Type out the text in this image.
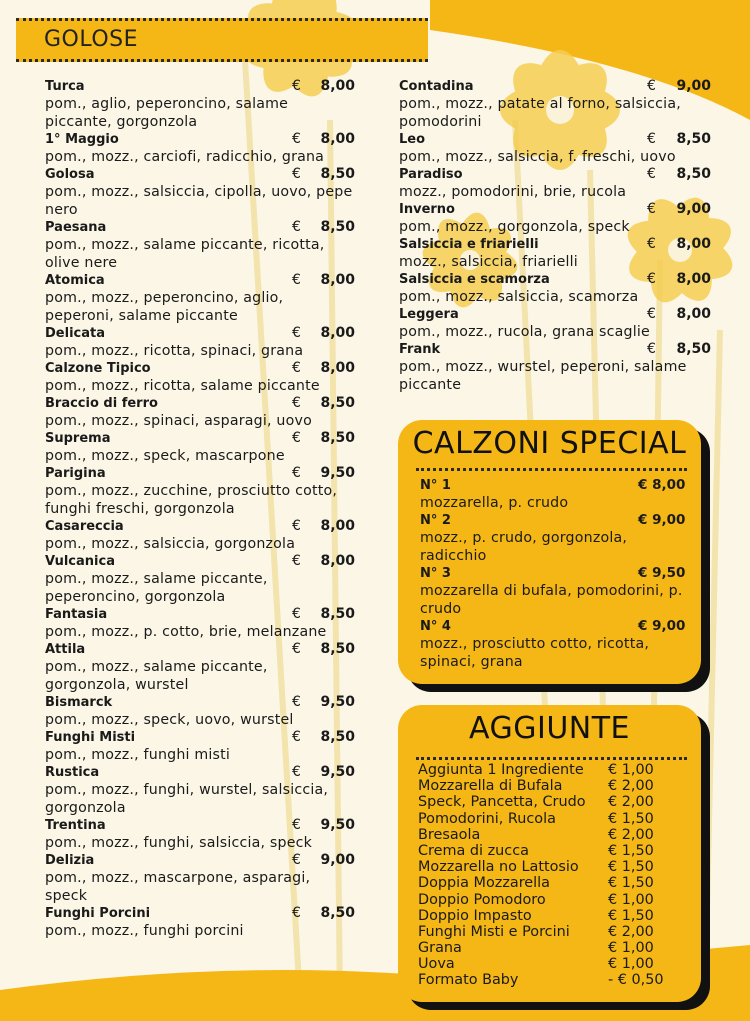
GOLOSE
Turca	€ 8,00
pom., aglio, peperoncino, salame piccante, gorgonzola
1° Maggio	€ 8,00
pom., mozz., carciofi, radicchio, grana
Golosa	€ 8,50
pom., mozz., salsiccia, cipolla, uovo, pepe nero
Paesana	€ 8,50
pom., mozz., salame piccante, ricotta, olive nere
Atomica	€ 8,00
pom., mozz., peperoncino, aglio, peperoni, salame piccante
Delicata	€ 8,00
pom., mozz., ricotta, spinaci, grana
Calzone Tipico	€ 8,00
pom., mozz., ricotta, salame piccante
Braccio di ferro	€ 8,50
pom., mozz., spinaci, asparagi, uovo
Suprema	€ 8,50
pom., mozz., speck, mascarpone
Parigina	€ 9,50
pom., mozz., zucchine, prosciutto cotto, funghi freschi, gorgonzola
Casareccia	€ 8,00
pom., mozz., salsiccia, gorgonzola
Vulcanica	€ 8,00
pom., mozz., salame piccante, peperoncino, gorgonzola
Fantasia	€ 8,50
pom., mozz., p. cotto, brie, melanzane
Attila	€ 8,50
pom., mozz., salame piccante, gorgonzola, wurstel
Bismarck	€ 9,50
pom., mozz., speck, uovo, wurstel
Funghi Misti	€ 8,50
pom., mozz., funghi misti
Rustica	€ 9,50
pom., mozz., funghi, wurstel, salsiccia, gorgonzola
Trentina	€ 9,50
pom., mozz., funghi, salsiccia, speck
Delizia	€ 9,00
pom., mozz., mascarpone, asparagi, speck
Funghi Porcini	€ 8,50
pom., mozz., funghi porcini
Contadina	€ 9,00
pom., mozz., patate al forno, salsiccia, pomodorini
Leo	€ 8,50
pom., mozz., salsiccia, f. freschi, uovo
Paradiso	€ 8,50
mozz., pomodorini, brie, rucola
Inverno	€ 9,00
pom., mozz., gorgonzola, speck
Salsiccia e friarielli	€ 8,00
mozz., salsiccia, friarielli
Salsiccia e scamorza	€ 8,00
pom., mozz., salsiccia, scamorza
Leggera	€ 8,00
pom., mozz., rucola, grana scaglie
Frank	€ 8,50
pom., mozz., wurstel, peperoni, salame piccante
CALZONI SPECIAL
N° 1	€ 8,00
mozzarella, p. crudo
N° 2	€ 9,00
mozz., p. crudo, gorgonzola, radicchio
N° 3	€ 9,50
mozzarella di bufala, pomodorini, p. crudo
N° 4	€ 9,00
mozz., prosciutto cotto, ricotta, spinaci, grana
AGGIUNTE
Aggiunta 1 Ingrediente € 1,00
Mozzarella di Bufala	€ 2,00
Speck, Pancetta, Crudo € 2,00
Pomodorini, Rucola	€ 1,50
Bresaola	€ 2,00
Crema di zucca	€ 1,50
Mozzarella no Lattosio € 1,50
Doppia Mozzarella	€ 1,50
Doppio Pomodoro	€ 1,00
Doppio Impasto	€ 1,50
Funghi Misti e Porcini	€ 2,00
Grana	€ 1,00
Uova	€ 1,00
Formato Baby	- € 0,50
